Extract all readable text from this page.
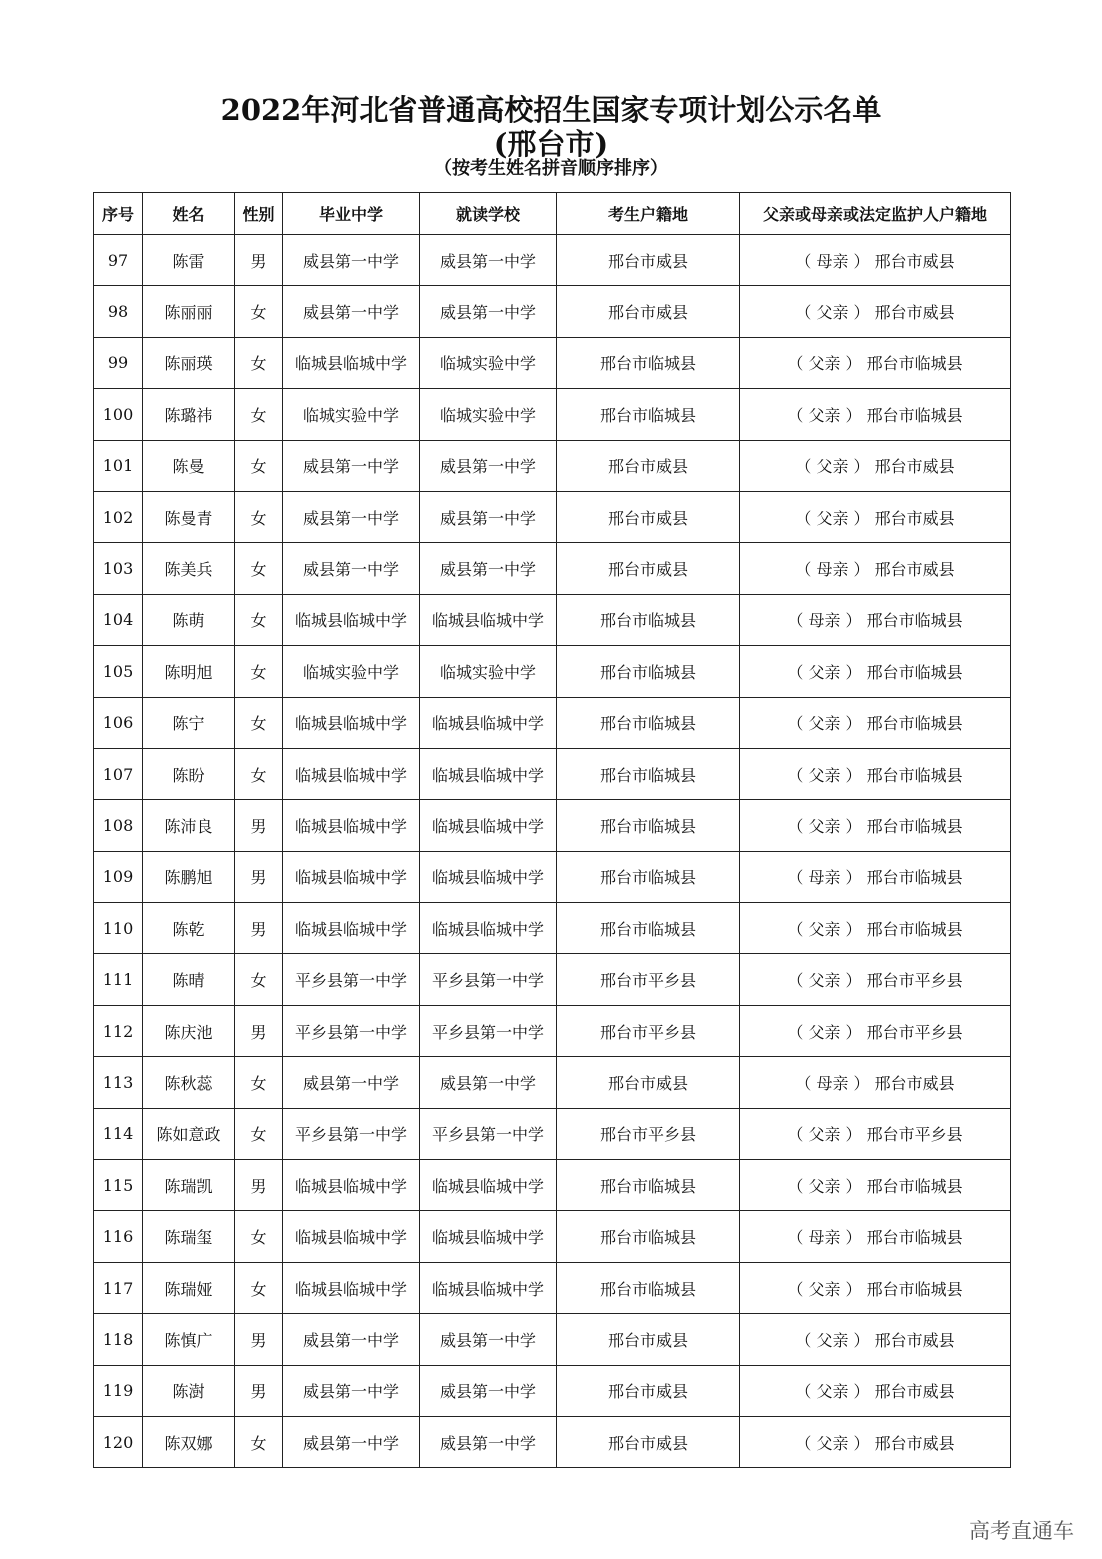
2022年河北省普通高校招生国家专项计划公示名单
(邢台市)
（按考生姓名拼音顺序排序）
序号	姓名	性别	毕业中学	就读学校	考生户籍地	父亲或母亲或法定监护人户籍地
97	陈雷	男	威县第一中学	威县第一中学	邢台市威县	（ 母亲 ） 邢台市威县
98	陈丽丽	女	威县第一中学	威县第一中学	邢台市威县	（ 父亲 ） 邢台市威县
99	陈丽瑛	女	临城县临城中学	临城实验中学	邢台市临城县	（ 父亲 ） 邢台市临城县
100	陈璐祎	女	临城实验中学	临城实验中学	邢台市临城县	（ 父亲 ） 邢台市临城县
101	陈曼	女	威县第一中学	威县第一中学	邢台市威县	（ 父亲 ） 邢台市威县
102	陈曼青	女	威县第一中学	威县第一中学	邢台市威县	（ 父亲 ） 邢台市威县
103	陈美兵	女	威县第一中学	威县第一中学	邢台市威县	（ 母亲 ） 邢台市威县
104	陈萌	女	临城县临城中学	临城县临城中学	邢台市临城县	（ 母亲 ） 邢台市临城县
105	陈明旭	女	临城实验中学	临城实验中学	邢台市临城县	（ 父亲 ） 邢台市临城县
106	陈宁	女	临城县临城中学	临城县临城中学	邢台市临城县	（ 父亲 ） 邢台市临城县
107	陈盼	女	临城县临城中学	临城县临城中学	邢台市临城县	（ 父亲 ） 邢台市临城县
108	陈沛良	男	临城县临城中学	临城县临城中学	邢台市临城县	（ 父亲 ） 邢台市临城县
109	陈鹏旭	男	临城县临城中学	临城县临城中学	邢台市临城县	（ 母亲 ） 邢台市临城县
110	陈乾	男	临城县临城中学	临城县临城中学	邢台市临城县	（ 父亲 ） 邢台市临城县
111	陈晴	女	平乡县第一中学	平乡县第一中学	邢台市平乡县	（ 父亲 ） 邢台市平乡县
112	陈庆池	男	平乡县第一中学	平乡县第一中学	邢台市平乡县	（ 父亲 ） 邢台市平乡县
113	陈秋蕊	女	威县第一中学	威县第一中学	邢台市威县	（ 母亲 ） 邢台市威县
114	陈如意政	女	平乡县第一中学	平乡县第一中学	邢台市平乡县	（ 父亲 ） 邢台市平乡县
115	陈瑞凯	男	临城县临城中学	临城县临城中学	邢台市临城县	（ 父亲 ） 邢台市临城县
116	陈瑞玺	女	临城县临城中学	临城县临城中学	邢台市临城县	（ 母亲 ） 邢台市临城县
117	陈瑞娅	女	临城县临城中学	临城县临城中学	邢台市临城县	（ 父亲 ） 邢台市临城县
118	陈慎广	男	威县第一中学	威县第一中学	邢台市威县	（ 父亲 ） 邢台市威县
119	陈澍	男	威县第一中学	威县第一中学	邢台市威县	（ 父亲 ） 邢台市威县
120	陈双娜	女	威县第一中学	威县第一中学	邢台市威县	（ 父亲 ） 邢台市威县
高考直通车
